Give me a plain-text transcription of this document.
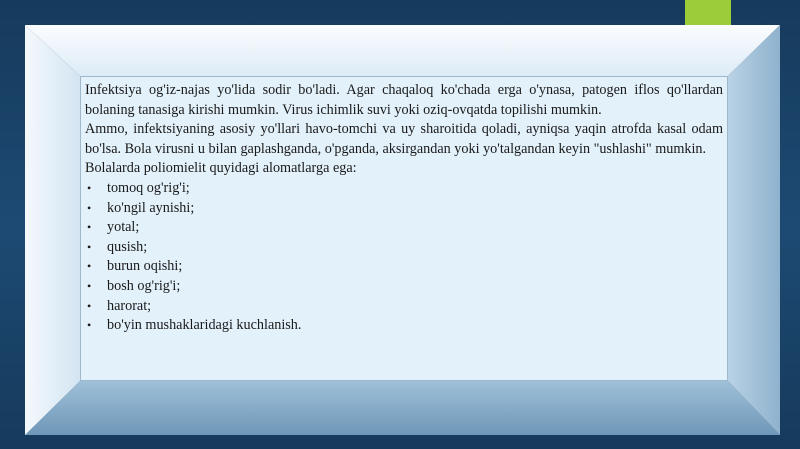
Infektsiya og'iz-najas yo'lida sodir bo'ladi. Agar chaqaloq ko'chada erga o'ynasa, patogen iflos qo'llardan bolaning tanasiga kirishi mumkin. Virus ichimlik suvi yoki oziq-ovqatda topilishi mumkin.

Ammo, infektsiyaning asosiy yo'llari havo-tomchi va uy sharoitida qoladi, ayniqsa yaqin atrofda kasal odam bo'lsa. Bola virusni u bilan gaplashganda, o'pganda, aksirgandan yoki yo'talgandan keyin "ushlashi" mumkin.

Bolalarda poliomielit quyidagi alomatlarga ega:

• tomoq og'rig'i;
• ko'ngil aynishi;
• yotal;
• qusish;
• burun oqishi;
• bosh og'rig'i;
• harorat;
• bo'yin mushaklaridagi kuchlanish.
